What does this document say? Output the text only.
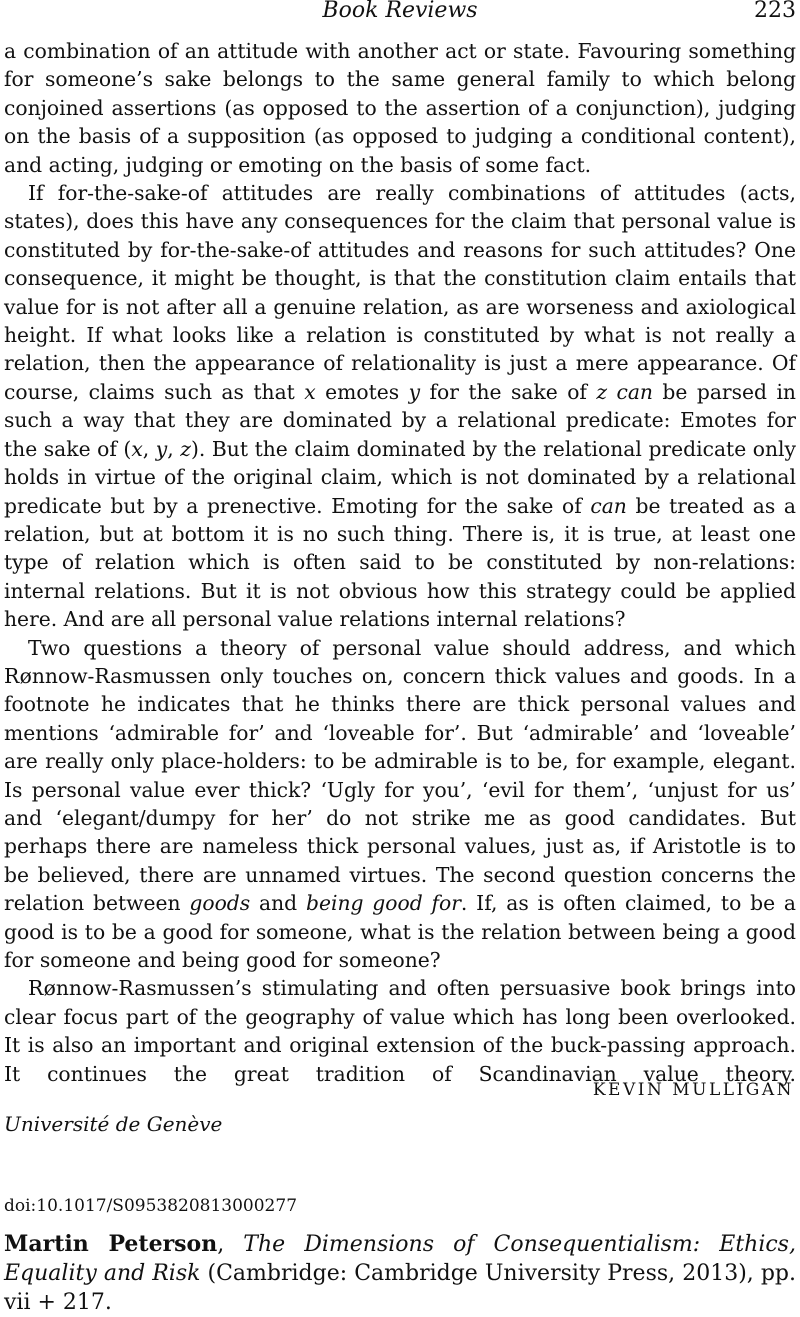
Book Reviews	223

a combination of an attitude with another act or state. Favouring something for someone’s sake belongs to the same general family to which belong conjoined assertions (as opposed to the assertion of a conjunction), judging on the basis of a supposition (as opposed to judging a conditional content), and acting, judging or emoting on the basis of some fact.

If for-the-sake-of attitudes are really combinations of attitudes (acts, states), does this have any consequences for the claim that personal value is constituted by for-the-sake-of attitudes and reasons for such attitudes? One consequence, it might be thought, is that the constitution claim entails that value for is not after all a genuine relation, as are worseness and axiological height. If what looks like a relation is constituted by what is not really a relation, then the appearance of relationality is just a mere appearance. Of course, claims such as that x emotes y for the sake of z can be parsed in such a way that they are dominated by a relational predicate: Emotes for the sake of (x, y, z). But the claim dominated by the relational predicate only holds in virtue of the original claim, which is not dominated by a relational predicate but by a prenective. Emoting for the sake of can be treated as a relation, but at bottom it is no such thing. There is, it is true, at least one type of relation which is often said to be constituted by non-relations: internal relations. But it is not obvious how this strategy could be applied here. And are all personal value relations internal relations?

Two questions a theory of personal value should address, and which Rønnow-Rasmussen only touches on, concern thick values and goods. In a footnote he indicates that he thinks there are thick personal values and mentions ‘admirable for’ and ‘loveable for’. But ‘admirable’ and ‘loveable’ are really only place-holders: to be admirable is to be, for example, elegant. Is personal value ever thick? ‘Ugly for you’, ‘evil for them’, ‘unjust for us’ and ‘elegant/dumpy for her’ do not strike me as good candidates. But perhaps there are nameless thick personal values, just as, if Aristotle is to be believed, there are unnamed virtues. The second question concerns the relation between goods and being good for. If, as is often claimed, to be a good is to be a good for someone, what is the relation between being a good for someone and being good for someone?

Rønnow-Rasmussen’s stimulating and often persuasive book brings into clear focus part of the geography of value which has long been overlooked. It is also an important and original extension of the buck-passing approach. It continues the great tradition of Scandinavian value theory.

KEVIN MULLIGAN
Université de Genève
doi:10.1017/S0953820813000277
Martin Peterson, The Dimensions of Consequentialism: Ethics, Equality and Risk (Cambridge: Cambridge University Press, 2013), pp. vii + 217.
